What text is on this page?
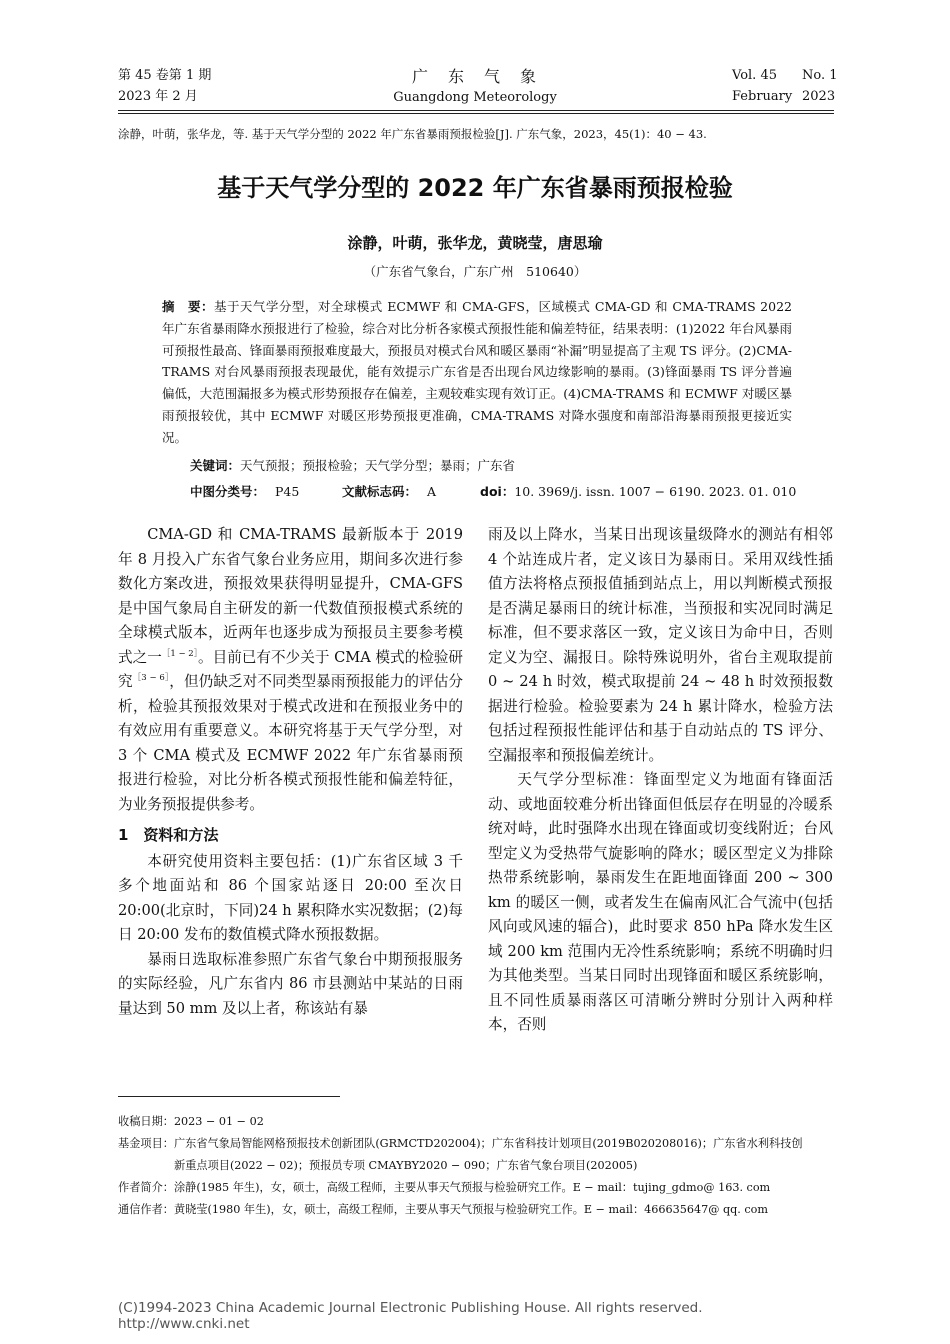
第 45 卷第 1 期
2023 年 2 月
广　东　气　象
Guangdong Meteorology
Vol. 45 No. 1
February 2023
涂静，叶萌，张华龙，等. 基于天气学分型的 2022 年广东省暴雨预报检验[J]. 广东气象，2023，45(1)：40 − 43.
基于天气学分型的 2022 年广东省暴雨预报检验
涂静，叶萌，张华龙，黄晓莹，唐思瑜
（广东省气象台，广东广州　510640）

摘　要：基于天气学分型，对全球模式 ECMWF 和 CMA-GFS，区域模式 CMA-GD 和 CMA-TRAMS 2022 年广东省暴雨降水预报进行了检验，综合对比分析各家模式预报性能和偏差特征，结果表明：(1)2022 年台风暴雨可预报性最高、锋面暴雨预报难度最大，预报员对模式台风和暖区暴雨“补漏”明显提高了主观 TS 评分。(2)CMA-TRAMS 对台风暴雨预报表现最优，能有效提示广东省是否出现台风边缘影响的暴雨。(3)锋面暴雨 TS 评分普遍偏低，大范围漏报多为模式形势预报存在偏差，主观较难实现有效订正。(4)CMA-TRAMS 和 ECMWF 对暖区暴雨预报较优，其中 ECMWF 对暖区形势预报更准确，CMA-TRAMS 对降水强度和南部沿海暴雨预报更接近实况。

关键词：天气预报；预报检验；天气学分型；暴雨；广东省
中图分类号： P45	文献标志码： A	doi：10. 3969/j. issn. 1007 − 6190. 2023. 01. 010

CMA-GD 和 CMA-TRAMS 最新版本于 2019 年 8 月投入广东省气象台业务应用，期间多次进行参数化方案改进，预报效果获得明显提升，CMA-GFS 是中国气象局自主研发的新一代数值预报模式系统的全球模式版本，近两年也逐步成为预报员主要参考模式之一$^{[1 - 2]}$。目前已有不少关于 CMA 模式的检验研究$^{[3 - 6]}$，但仍缺乏对不同类型暴雨预报能力的评估分析，检验其预报效果对于模式改进和在预报业务中的有效应用有重要意义。本研究将基于天气学分型，对 3 个 CMA 模式及 ECMWF 2022 年广东省暴雨预报进行检验，对比分析各模式预报性能和偏差特征，为业务预报提供参考。

1　资料和方法

本研究使用资料主要包括：(1)广东省区域 3 千多个地面站和 86 个国家站逐日 20:00 至次日 20:00(北京时，下同)24 h 累积降水实况数据；(2)每日 20:00 发布的数值模式降水预报数据。

暴雨日选取标准参照广东省气象台中期预报服务的实际经验，凡广东省内 86 市县测站中某站的日雨量达到 50 mm 及以上者，称该站有暴

雨及以上降水，当某日出现该量级降水的测站有相邻 4 个站连成片者，定义该日为暴雨日。采用双线性插值方法将格点预报值插到站点上，用以判断模式预报是否满足暴雨日的统计标准，当预报和实况同时满足标准，但不要求落区一致，定义该日为命中日，否则定义为空、漏报日。除特殊说明外，省台主观取提前 0 ~ 24 h 时效，模式取提前 24 ~ 48 h 时效预报数据进行检验。检验要素为 24 h 累计降水，检验方法包括过程预报性能评估和基于自动站点的 TS 评分、空漏报率和预报偏差统计。

天气学分型标准：锋面型定义为地面有锋面活动、或地面较难分析出锋面但低层存在明显的冷暖系统对峙，此时强降水出现在锋面或切变线附近；台风型定义为受热带气旋影响的降水；暖区型定义为排除热带系统影响，暴雨发生在距地面锋面 200 ~ 300 km 的暖区一侧，或者发生在偏南风汇合气流中(包括风向或风速的辐合)，此时要求 850 hPa 降水发生区域 200 km 范围内无冷性系统影响；系统不明确时归为其他类型。当某日同时出现锋面和暖区系统影响，且不同性质暴雨落区可清晰分辨时分别计入两种样本，否则

收稿日期：2023 − 01 − 02

基金项目：广东省气象局智能网格预报技术创新团队(GRMCTD202004)；广东省科技计划项目(2019B020208016)；广东省水利科技创

新重点项目(2022 − 02)；预报员专项 CMAYBY2020 − 090；广东省气象台项目(202005)

作者简介：涂静(1985 年生)，女，硕士，高级工程师，主要从事天气预报与检验研究工作。E − mail：tujing_gdmo@ 163. com

通信作者：黄晓莹(1980 年生)，女，硕士，高级工程师，主要从事天气预报与检验研究工作。E − mail：466635647@ qq. com

(C)1994-2023 China Academic Journal Electronic Publishing House. All rights reserved.　　http://www.cnki.net
